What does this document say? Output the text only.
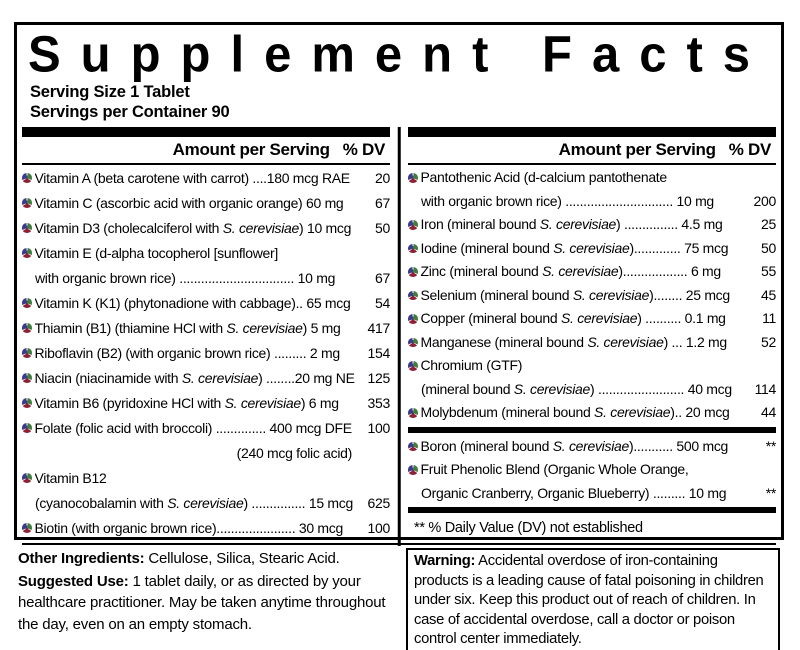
Supplement Facts
Serving Size 1 Tablet
Servings per Container 90
Amount per Serving % DV
Vitamin A (beta carotene with carrot) ....180 mcg RAE	20
Vitamin C (ascorbic acid with organic orange) 60 mg	67
Vitamin D3 (cholecalciferol with S. cerevisiae) 10 mcg	50
Vitamin E (d-alpha tocopherol [sunflower]
with organic brown rice) ................................ 10 mg	67
Vitamin K (K1) (phytonadione with cabbage).. 65 mcg	54
Thiamin (B1) (thiamine HCl with S. cerevisiae) 5 mg	417
Riboflavin (B2) (with organic brown rice) ......... 2 mg	154
Niacin (niacinamide with S. cerevisiae) ........20 mg NE 125
Vitamin B6 (pyridoxine HCl with S. cerevisiae) 6 mg	353
Folate (folic acid with broccoli) .............. 400 mcg DFE	100
(240 mcg folic acid)
Vitamin B12
(cyanocobalamin with S. cerevisiae) ............... 15 mcg	625
Biotin (with organic brown rice)...................... 30 mcg	100
Amount per Serving % DV
Pantothenic Acid (d-calcium pantothenate
with organic brown rice) .............................. 10 mg	200
Iron (mineral bound S. cerevisiae) ............... 4.5 mg	25
Iodine (mineral bound S. cerevisiae)............. 75 mcg	50
Zinc (mineral bound S. cerevisiae).................. 6 mg	55
Selenium (mineral bound S. cerevisiae)........ 25 mcg	45
Copper (mineral bound S. cerevisiae) .......... 0.1 mg	11
Manganese (mineral bound S. cerevisiae) ... 1.2 mg	52
Chromium (GTF)
(mineral bound S. cerevisiae) ........................ 40 mcg	114
Molybdenum (mineral bound S. cerevisiae).. 20 mcg	44
Boron (mineral bound S. cerevisiae)........... 500 mcg	**
Fruit Phenolic Blend (Organic Whole Orange,
Organic Cranberry, Organic Blueberry) ......... 10 mg	**
** % Daily Value (DV) not established

Other Ingredients: Cellulose, Silica, Stearic Acid.

Suggested Use: 1 tablet daily, or as directed by your healthcare practitioner. May be taken anytime throughout the day, even on an empty stomach.

Warning: Accidental overdose of iron-containing products is a leading cause of fatal poisoning in children under six. Keep this product out of reach of children. In case of accidental overdose, call a doctor or poison control center immediately.
